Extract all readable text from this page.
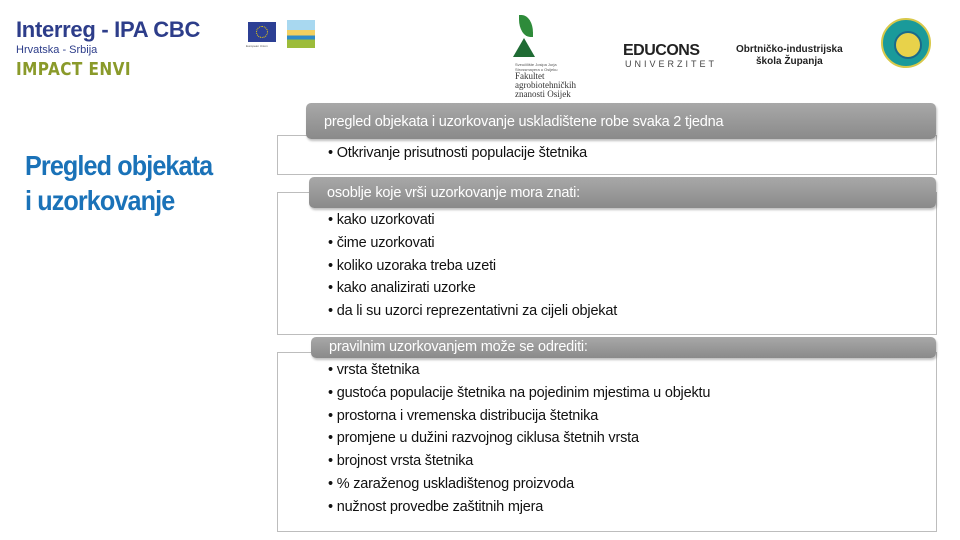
Interreg - IPA CBC
Hrvatska - Srbija
IMPACT ENVI
European Union
Sveučilište Josipa Jurja Strossmayera u Osijeku
Fakultet
agrobiotehničkih
znanosti Osijek
EDUCONS
UNIVERZITET
Obrtničko-industrijska
škola Županja
Pregled objekata
i uzorkovanje
pregled objekata i uzorkovanje uskladištene robe svaka 2 tjedna
• Otkrivanje prisutnosti populacije štetnika
osoblje koje vrši uzorkovanje mora znati:
• kako uzorkovati
• čime uzorkovati
• koliko uzoraka treba uzeti
• kako analizirati uzorke
• da li su uzorci reprezentativni za cijeli objekat
pravilnim uzorkovanjem može se odrediti:
• vrsta štetnika
• gustoća populacije štetnika na pojedinim mjestima u objektu
• prostorna i vremenska distribucija štetnika
• promjene u dužini razvojnog ciklusa štetnih vrsta
• brojnost vrsta štetnika
• % zaraženog uskladištenog proizvoda
• nužnost provedbe zaštitnih mjera
